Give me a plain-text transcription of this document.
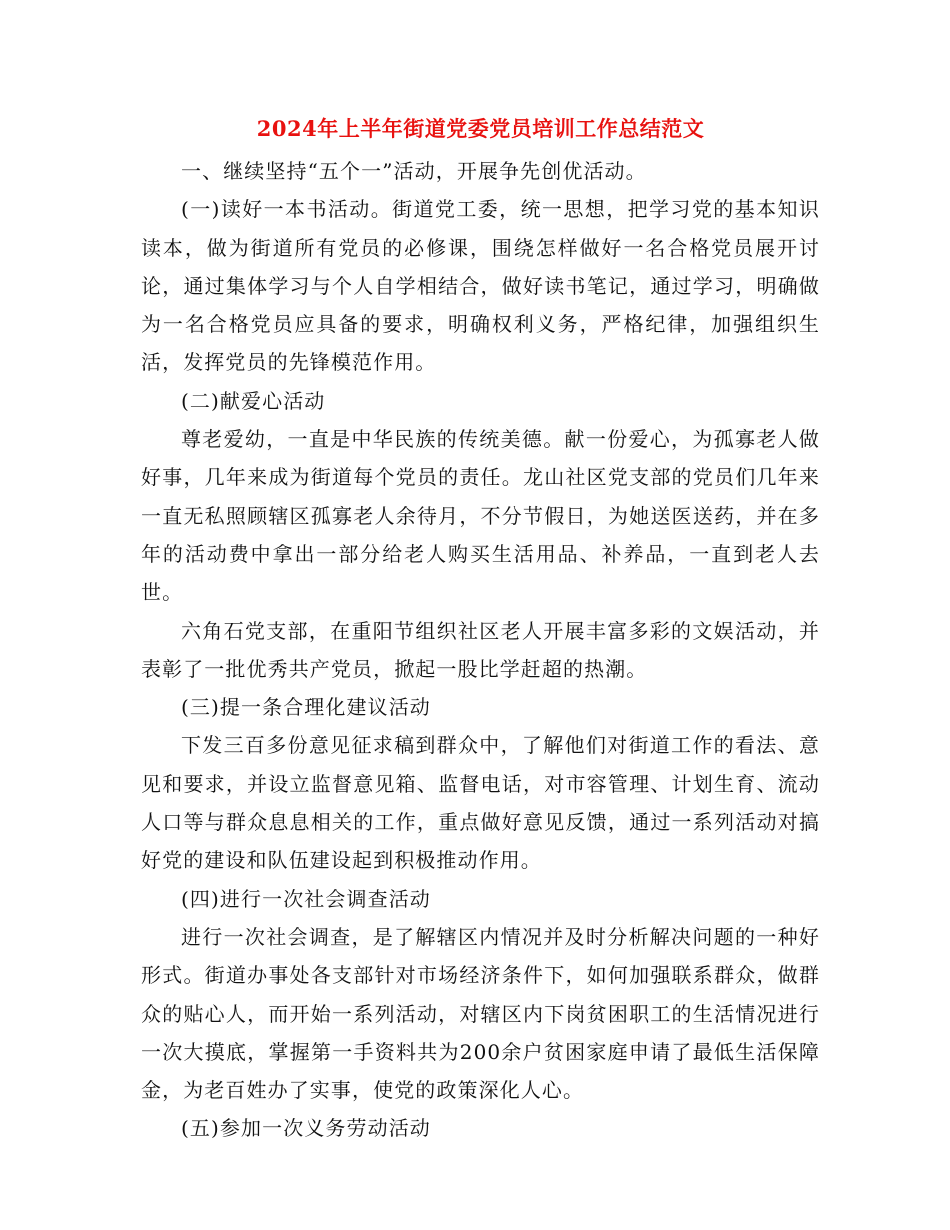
2024年上半年街道党委党员培训工作总结范文

一、继续坚持“五个一”活动，开展争先创优活动。

(一)读好一本书活动。街道党工委，统一思想，把学习党的基本知识读本，做为街道所有党员的必修课，围绕怎样做好一名合格党员展开讨论，通过集体学习与个人自学相结合，做好读书笔记，通过学习，明确做为一名合格党员应具备的要求，明确权利义务，严格纪律，加强组织生活，发挥党员的先锋模范作用。

(二)献爱心活动

尊老爱幼，一直是中华民族的传统美德。献一份爱心，为孤寡老人做好事，几年来成为街道每个党员的责任。龙山社区党支部的党员们几年来一直无私照顾辖区孤寡老人余待月，不分节假日，为她送医送药，并在多年的活动费中拿出一部分给老人购买生活用品、补养品，一直到老人去世。

六角石党支部，在重阳节组织社区老人开展丰富多彩的文娱活动，并表彰了一批优秀共产党员，掀起一股比学赶超的热潮。

(三)提一条合理化建议活动

下发三百多份意见征求稿到群众中，了解他们对街道工作的看法、意见和要求，并设立监督意见箱、监督电话，对市容管理、计划生育、流动人口等与群众息息相关的工作，重点做好意见反馈，通过一系列活动对搞好党的建设和队伍建设起到积极推动作用。

(四)进行一次社会调查活动

进行一次社会调查，是了解辖区内情况并及时分析解决问题的一种好形式。街道办事处各支部针对市场经济条件下，如何加强联系群众，做群众的贴心人，而开始一系列活动，对辖区内下岗贫困职工的生活情况进行一次大摸底，掌握第一手资料共为200余户贫困家庭申请了最低生活保障金，为老百姓办了实事，使党的政策深化人心。

(五)参加一次义务劳动活动
